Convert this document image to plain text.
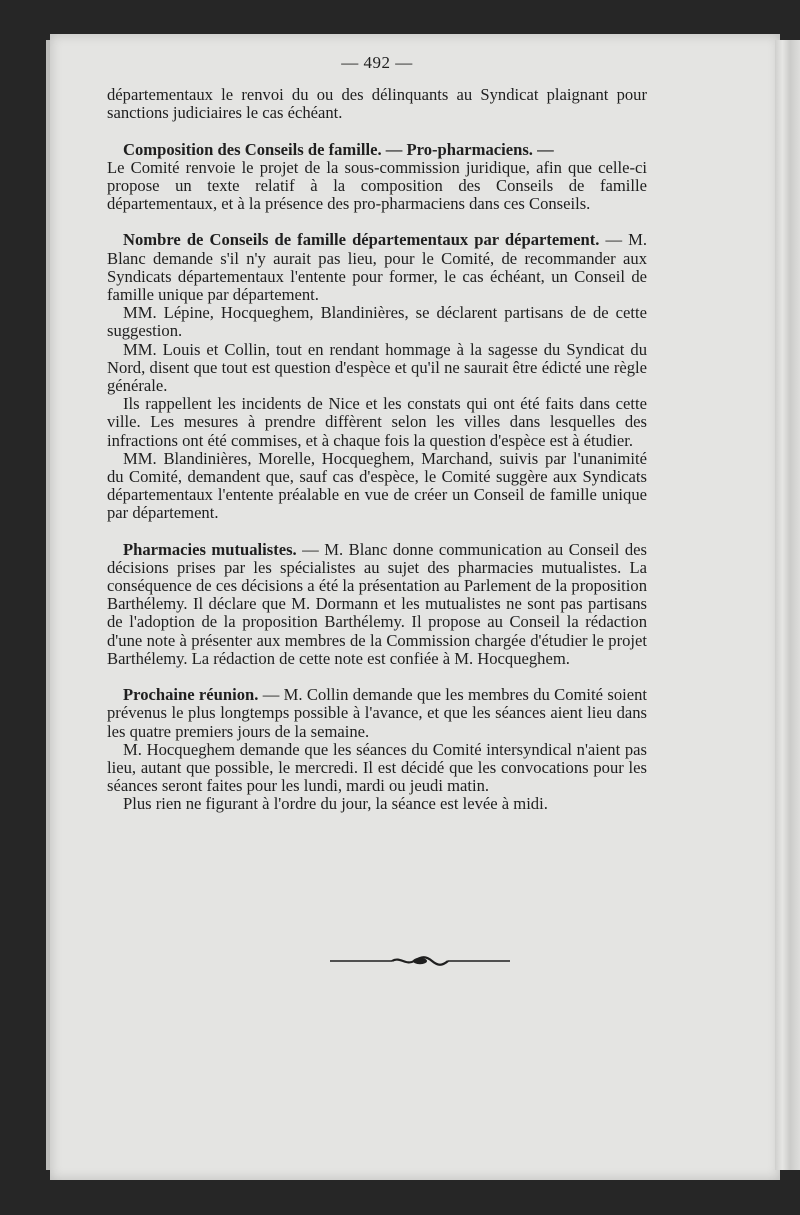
— 492 —

départementaux le renvoi du ou des délinquants au Syndicat plaignant pour sanctions judiciaires le cas échéant.

Composition des Conseils de famille. — Pro-pharmaciens. —

Le Comité renvoie le projet de la sous-commission juridique, afin que celle-ci propose un texte relatif à la composition des Conseils de famille départementaux, et à la présence des pro-pharmaciens dans ces Conseils.

Nombre de Conseils de famille départementaux par département. — M. Blanc demande s'il n'y aurait pas lieu, pour le Comité, de recommander aux Syndicats départementaux l'entente pour former, le cas échéant, un Conseil de famille unique par département.

MM. Lépine, Hocqueghem, Blandinières, se déclarent partisans de de cette suggestion.

MM. Louis et Collin, tout en rendant hommage à la sagesse du Syndicat du Nord, disent que tout est question d'espèce et qu'il ne saurait être édicté une règle générale.

Ils rappellent les incidents de Nice et les constats qui ont été faits dans cette ville. Les mesures à prendre diffèrent selon les villes dans lesquelles des infractions ont été commises, et à chaque fois la question d'espèce est à étudier.

MM. Blandinières, Morelle, Hocqueghem, Marchand, suivis par l'unanimité du Comité, demandent que, sauf cas d'espèce, le Comité suggère aux Syndicats départementaux l'entente préalable en vue de créer un Conseil de famille unique par département.

Pharmacies mutualistes. — M. Blanc donne communication au Conseil des décisions prises par les spécialistes au sujet des pharmacies mutualistes. La conséquence de ces décisions a été la présentation au Parlement de la proposition Barthélemy. Il déclare que M. Dormann et les mutualistes ne sont pas partisans de l'adoption de la proposition Barthélemy. Il propose au Conseil la rédaction d'une note à présenter aux membres de la Commission chargée d'étudier le projet Barthélemy. La rédaction de cette note est confiée à M. Hocqueghem.

Prochaine réunion. — M. Collin demande que les membres du Comité soient prévenus le plus longtemps possible à l'avance, et que les séances aient lieu dans les quatre premiers jours de la semaine.

M. Hocqueghem demande que les séances du Comité intersyndical n'aient pas lieu, autant que possible, le mercredi. Il est décidé que les convocations pour les séances seront faites pour les lundi, mardi ou jeudi matin.

Plus rien ne figurant à l'ordre du jour, la séance est levée à midi.
